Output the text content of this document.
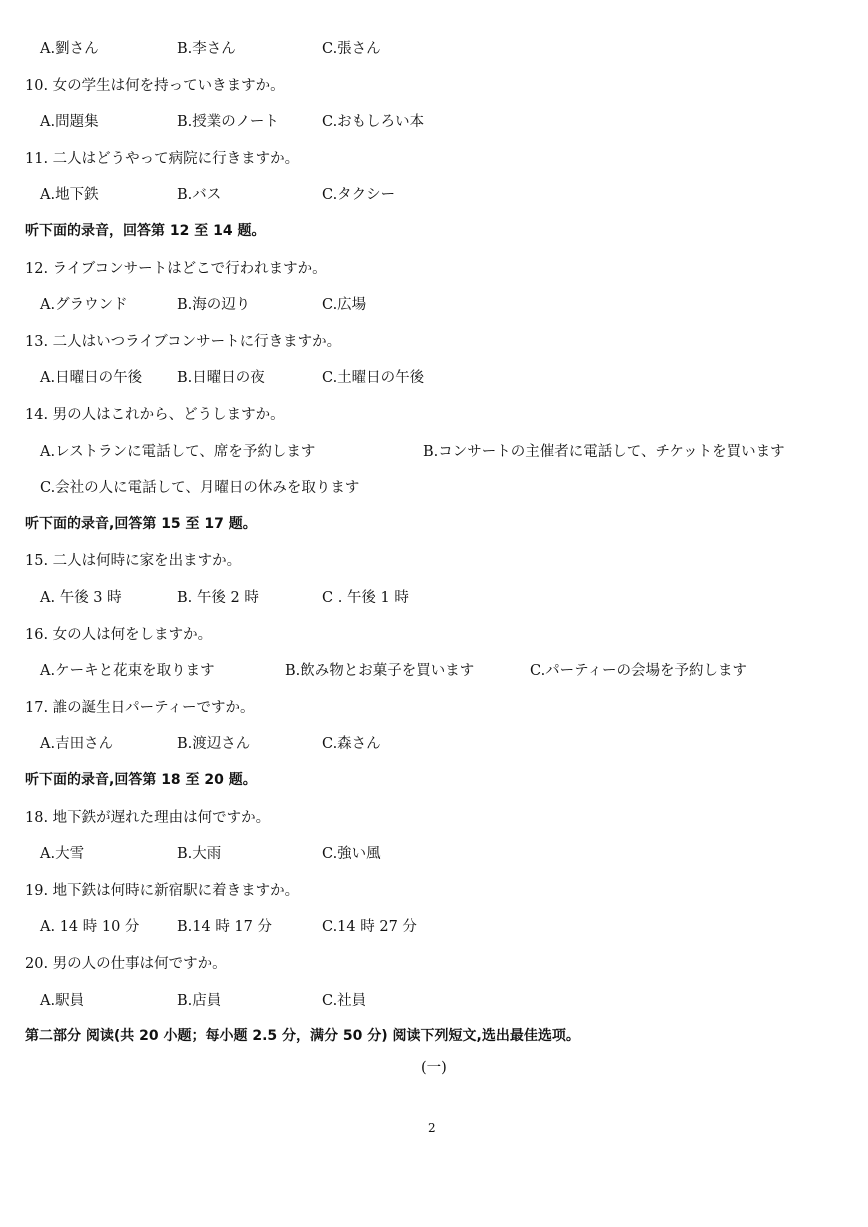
A.劉さん	B.李さん	C.張さん
10. 女の学生は何を持っていきますか。
A.問題集	B.授業のノート	C.おもしろい本
11. 二人はどうやって病院に行きますか。
A.地下鉄	B.バス	C.タクシー
听下面的录音，回答第 12 至 14 题。
12. ライブコンサートはどこで行われますか。
A.グラウンド	B.海の辺り	C.広場
13. 二人はいつライブコンサートに行きますか。
A.日曜日の午後 B.日曜日の夜	C.土曜日の午後
14. 男の人はこれから、どうしますか。
A.レストランに電話して、席を予約します	B.コンサートの主催者に電話して、チケットを買います
C.会社の人に電話して、月曜日の休みを取ります
听下面的录音,回答第 15 至 17 题。
15. 二人は何時に家を出ますか。
A. 午後 3 時	B. 午後 2 時	C . 午後 1 時
16. 女の人は何をしますか。
A.ケーキと花束を取ります	B.飲み物とお菓子を買います	C.パーティーの会場を予約します
17. 誰の誕生日パーティーですか。
A.吉田さん	B.渡辺さん	C.森さん
听下面的录音,回答第 18 至 20 题。
18. 地下鉄が遅れた理由は何ですか。
A.大雪	B.大雨	C.強い風
19. 地下鉄は何時に新宿駅に着きますか。
A. 14 時 10 分	B.14 時 17 分	C.14 時 27 分
20. 男の人の仕事は何ですか。
A.駅員	B.店員	C.社員
第二部分 阅读(共 20 小题；每小题 2.5 分，满分 50 分) 阅读下列短文,选出最佳选项。
(一)
2
